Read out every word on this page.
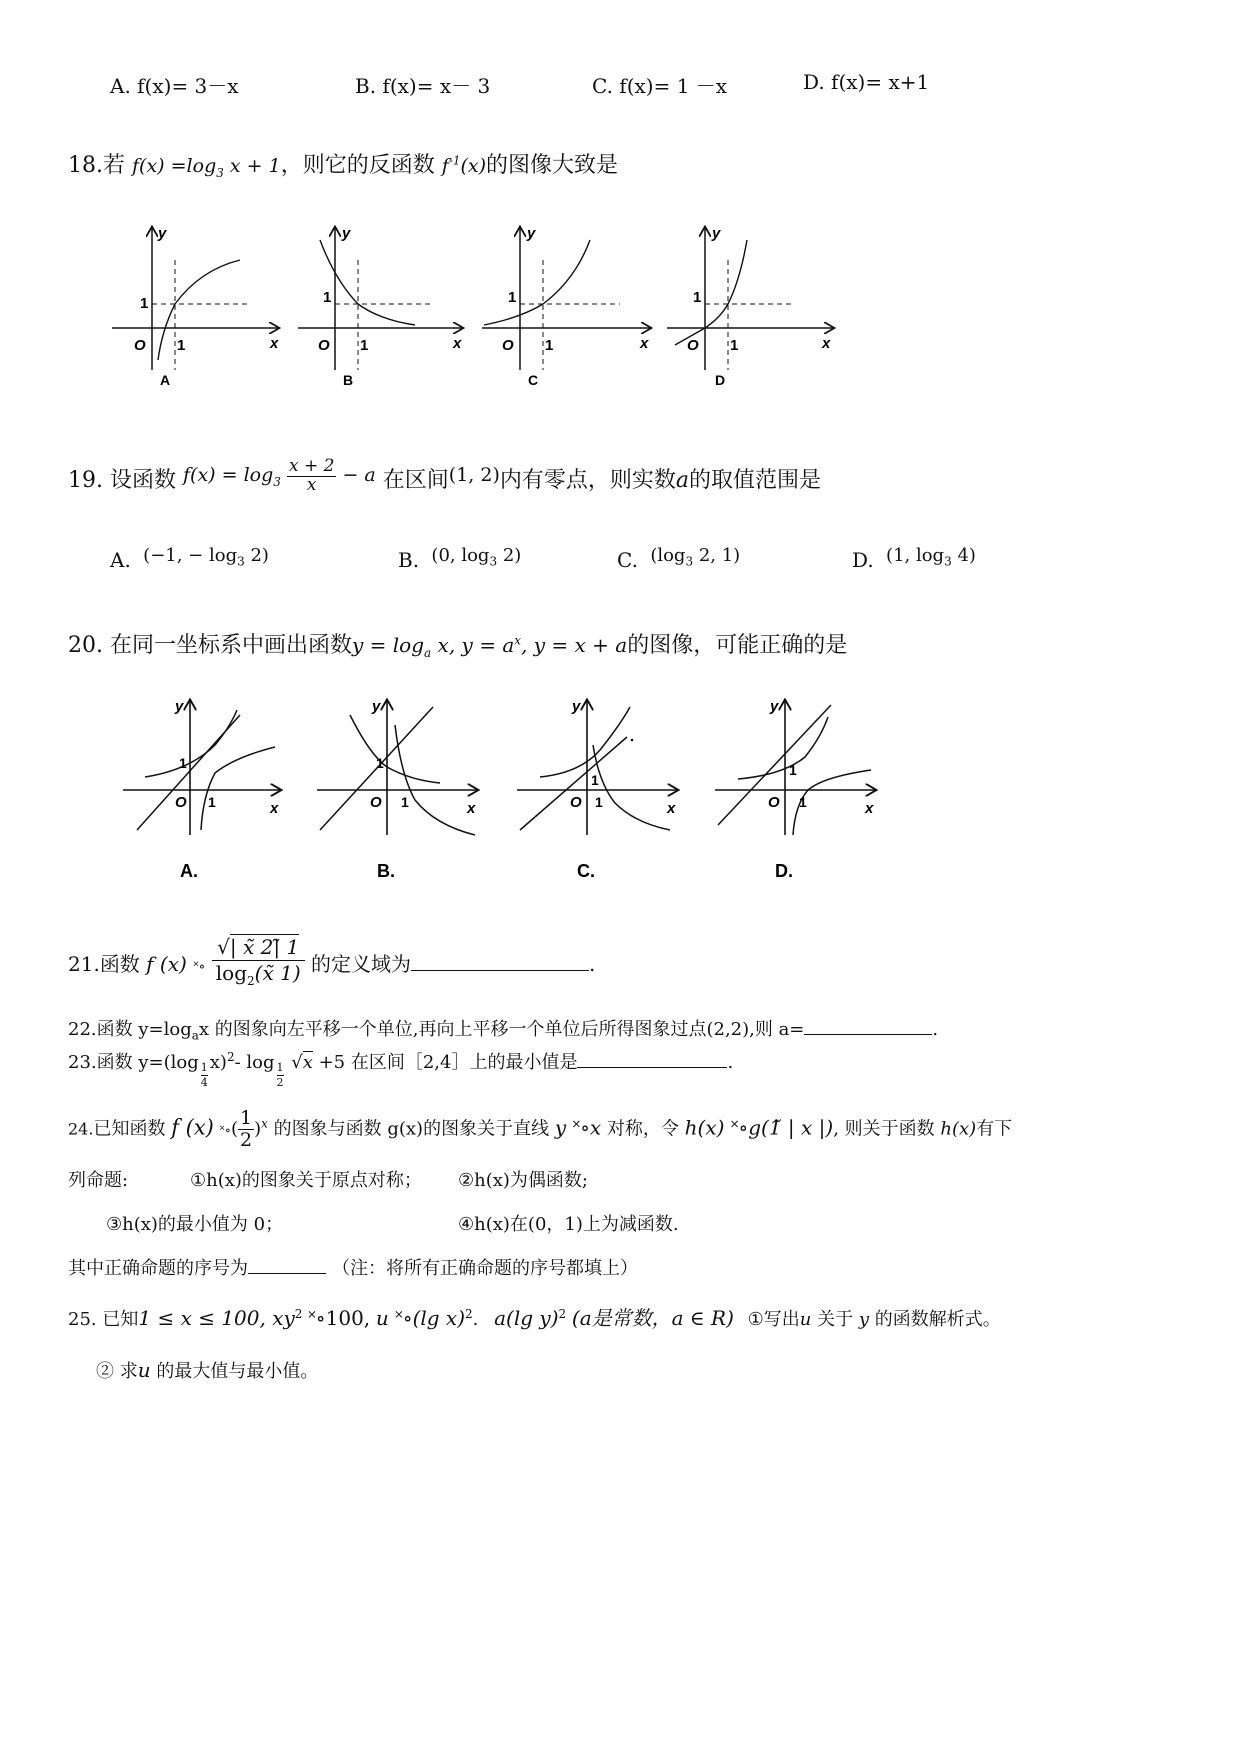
A. f(x)= 3－x	B. f(x)= x－ 3	C. f(x)= 1 －x	D. f(x)= x+1
18.若 $f(x) =\log_3$ x + 1，则它的反函数 $f^{-1}(x)$的图像大致是
y
x
O 1
1
A
y
x
O 1
1
B
y
x
O 1
1
C
y
x
O 1
1
D
19. 设函数 $f(x) = \log_3 \frac{x + 2}{x} - a$ 在区间(1, 2)内有零点，则实数a的取值范围是
A. (−1, − $\log_3 2$)	B. (0, $\log_3 2$)	C. ($\log_3$ 2, 1)	D. (1, $\log_3 4$)
20. 在同一坐标系中画出函数$y = \log_a x$, $y = a^x$, y = x + a的图像，可能正确的是
y
x
O 1
1
A.
y
x
O 1
1
B.
y
x
O 1
1
C.
y
x
O 1
1
D.
21.函数 f (x) ˟∘ $\frac{√| x̃ 2|̃ 1}{\log_2(x̃ 1)}$ 的定义域为	.
22.函数 $y=\log_ax$ 的图象向左平移一个单位,再向上平移一个单位后所得图象过点(2,2),则 a=	.
23.函数 $y=(\log \frac{1}{4} x)^2-$ $\log \frac{1}{2} √x +5$ 在区间［2,4］上的最小值是	.
24.已知函数 f (x) ˟∘( $\frac{1}{2} )^x$ 的图象与函数 g(x)的图象关于直线 y ˟∘x 对称，令 h(x) ˟∘g(1̃ | x |), 则关于函数 h(x)有下
列命题:	①h(x)的图象关于原点对称； ②h(x)为偶函数;
③h(x)的最小值为 0；	④h(x)在(0，1)上为减函数.
其中正确命题的序号为	（注：将所有正确命题的序号都填上）
25. 已知1 ≤ x ≤ 100, $xy^2$ ˟∘100, u ˟∘(lg x)$^2$. a(lg y)$^2$ (a是常数，a ∈ R) ①写出u 关于 y 的函数解析式。
② 求u 的最大值与最小值。
